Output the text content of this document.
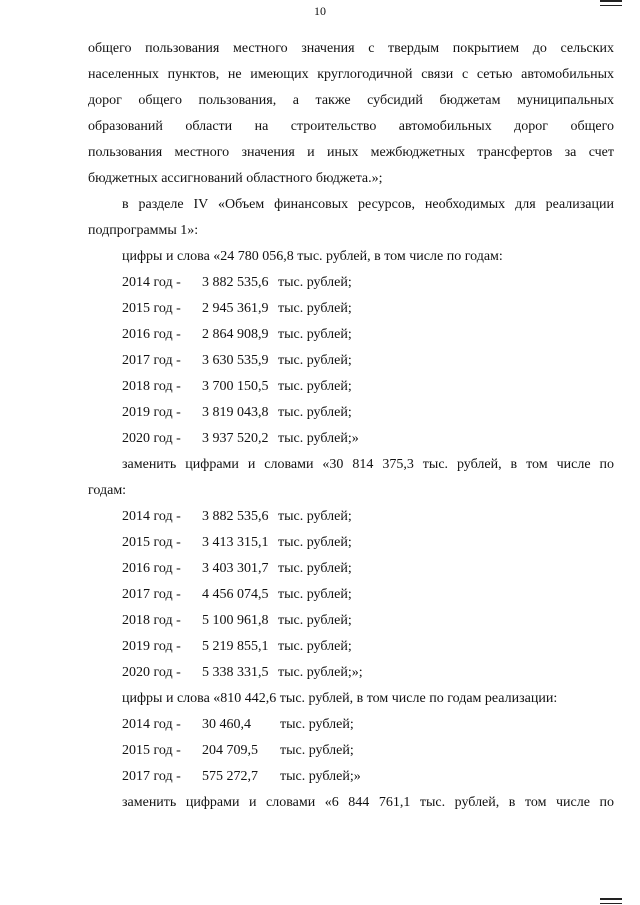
10
общего пользования местного значения с твердым покрытием до сельских
населенных пунктов, не имеющих круглогодичной связи с сетью автомобильных
дорог общего пользования, а также субсидий бюджетам муниципальных
образований области на строительство автомобильных дорог общего
пользования местного значения и иных межбюджетных трансфертов за счет
бюджетных ассигнований областного бюджета.»;
в разделе IV «Объем финансовых ресурсов, необходимых для реализации
подпрограммы 1»:
цифры и слова «24 780 056,8 тыс. рублей, в том числе по годам:
2014 год -	3 882 535,6 тыс. рублей;
2015 год -	2 945 361,9 тыс. рублей;
2016 год -	2 864 908,9 тыс. рублей;
2017 год -	3 630 535,9 тыс. рублей;
2018 год -	3 700 150,5 тыс. рублей;
2019 год -	3 819 043,8 тыс. рублей;
2020 год -	3 937 520,2 тыс. рублей;»
заменить цифрами и словами «30 814 375,3 тыс. рублей, в том числе по
годам:
2014 год -	3 882 535,6 тыс. рублей;
2015 год -	3 413 315,1 тыс. рублей;
2016 год -	3 403 301,7 тыс. рублей;
2017 год -	4 456 074,5 тыс. рублей;
2018 год -	5 100 961,8 тыс. рублей;
2019 год -	5 219 855,1 тыс. рублей;
2020 год -	5 338 331,5 тыс. рублей;»;
цифры и слова «810 442,6 тыс. рублей, в том числе по годам реализации:
2014 год -	30 460,4	тыс. рублей;
2015 год -	204 709,5	тыс. рублей;
2017 год -	575 272,7	тыс. рублей;»
заменить цифрами и словами «6 844 761,1 тыс. рублей, в том числе по
